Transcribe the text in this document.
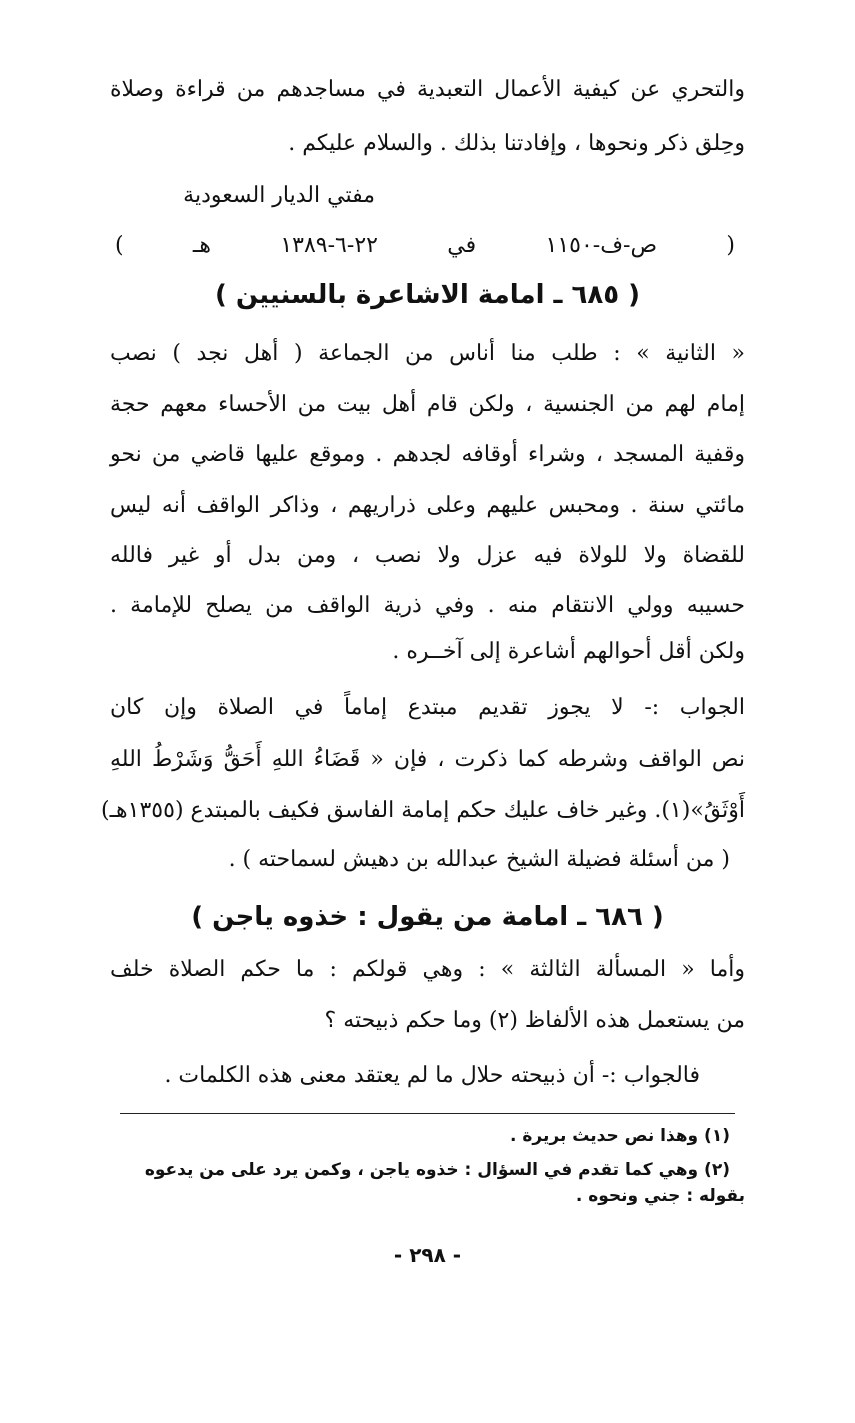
والتحري عن كيفية الأعمال التعبدية في مساجدهم من قراءة وصلاة
وحِلق ذكر ونحوها ، وإفادتنا بذلك . والسلام عليكم .
مفتي الديار السعودية
( ص-ف-١١٥٠ في ٢٢-٦-١٣٨٩ هـ )
( ٦٨٥ ـ امامة الاشاعرة بالسنيين )
« الثانية » : طلب منا أناس من الجماعة ( أهل نجد ) نصب
إمام لهم من الجنسية ، ولكن قام أهل بيت من الأحساء معهم حجة
وقفية المسجد ، وشراء أوقافه لجدهم . وموقع عليها قاضي من نحو
مائتي سنة . ومحبس عليهم وعلى ذراريهم ، وذاكر الواقف أنه ليس
للقضاة ولا للولاة فيه عزل ولا نصب ، ومن بدل أو غير فالله
حسيبه وولي الانتقام منه . وفي ذرية الواقف من يصلح للإمامة .
ولكن أقل أحوالهم أشاعرة إلى آخــره .
الجواب :- لا يجوز تقديم مبتدع إماماً في الصلاة وإن كان
نص الواقف وشرطه كما ذكرت ، فإن « قَضَاءُ اللهِ أَحَقُّ وَشَرْطُ اللهِ
أَوْثَقُ»(١). وغير خاف عليك حكم إمامة الفاسق فكيف بالمبتدع (١٣٥٥هـ)
( من أسئلة فضيلة الشيخ عبدالله بن دهيش لسماحته ) .
( ٦٨٦ ـ امامة من يقول : خذوه ياجن )
وأما « المسألة الثالثة » : وهي قولكم : ما حكم الصلاة خلف
من يستعمل هذه الألفاظ (٢) وما حكم ذبيحته ؟
فالجواب :- أن ذبيحته حلال ما لم يعتقد معنى هذه الكلمات .
(١) وهذا نص حديث بريرة .
(٢) وهي كما تقدم في السؤال : خذوه ياجن ، وكمن يرد على من يدعوه
بقوله : جني ونحوه .
- ٢٩٨ -
